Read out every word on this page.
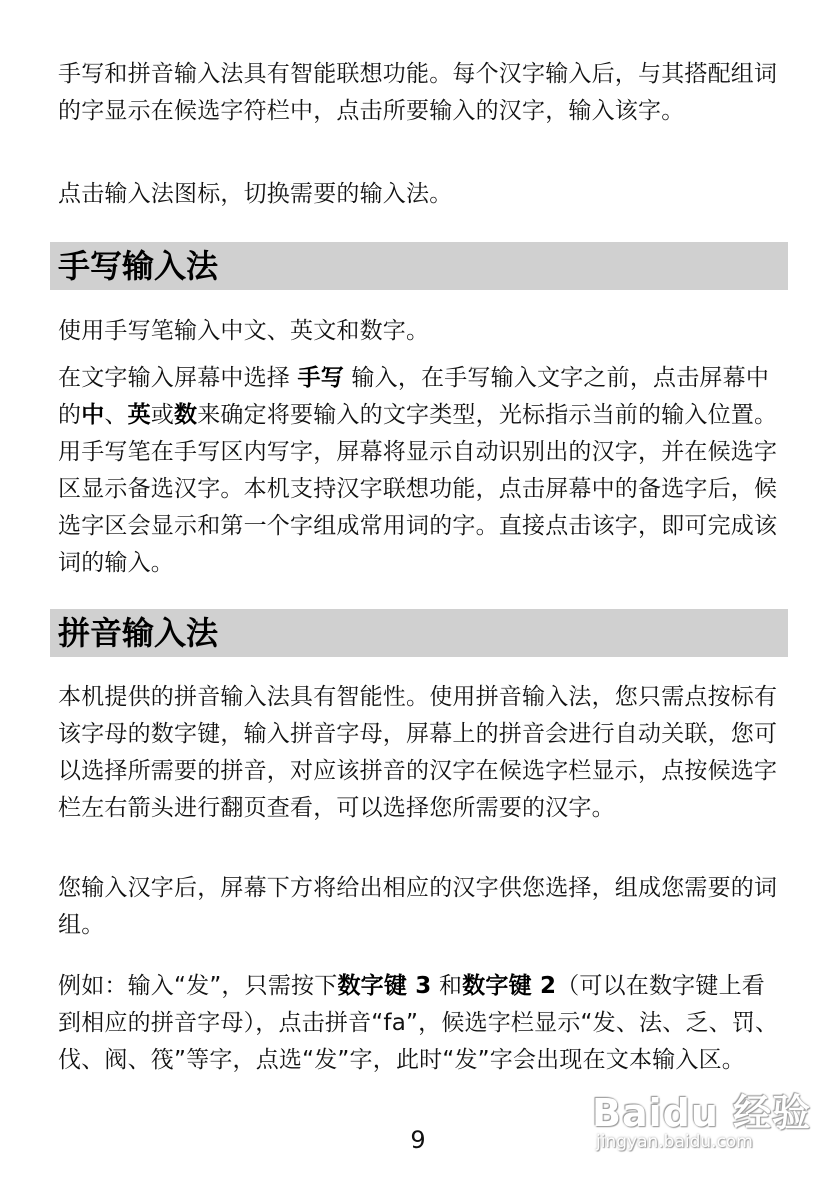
手写和拼音输入法具有智能联想功能。每个汉字输入后，与其搭配组词的字显示在候选字符栏中，点击所要输入的汉字，输入该字。

点击输入法图标，切换需要的输入法。

手写输入法

使用手写笔输入中文、英文和数字。

在文字输入屏幕中选择 手写 输入，在手写输入文字之前，点击屏幕中的中、英或数来确定将要输入的文字类型，光标指示当前的输入位置。用手写笔在手写区内写字，屏幕将显示自动识别出的汉字，并在候选字区显示备选汉字。本机支持汉字联想功能，点击屏幕中的备选字后，候选字区会显示和第一个字组成常用词的字。直接点击该字，即可完成该词的输入。

拼音输入法

本机提供的拼音输入法具有智能性。使用拼音输入法，您只需点按标有该字母的数字键，输入拼音字母，屏幕上的拼音会进行自动关联，您可以选择所需要的拼音，对应该拼音的汉字在候选字栏显示，点按候选字栏左右箭头进行翻页查看，可以选择您所需要的汉字。

您输入汉字后，屏幕下方将给出相应的汉字供您选择，组成您需要的词组。

例如：输入“发”，只需按下数字键 3 和数字键 2（可以在数字键上看到相应的拼音字母），点击拼音“fa”，候选字栏显示“发、法、乏、罚、伐、阀、筏”等字，点选“发”字，此时“发”字会出现在文本输入区。

9
Baidu 经验
jingyan.baidu.com
